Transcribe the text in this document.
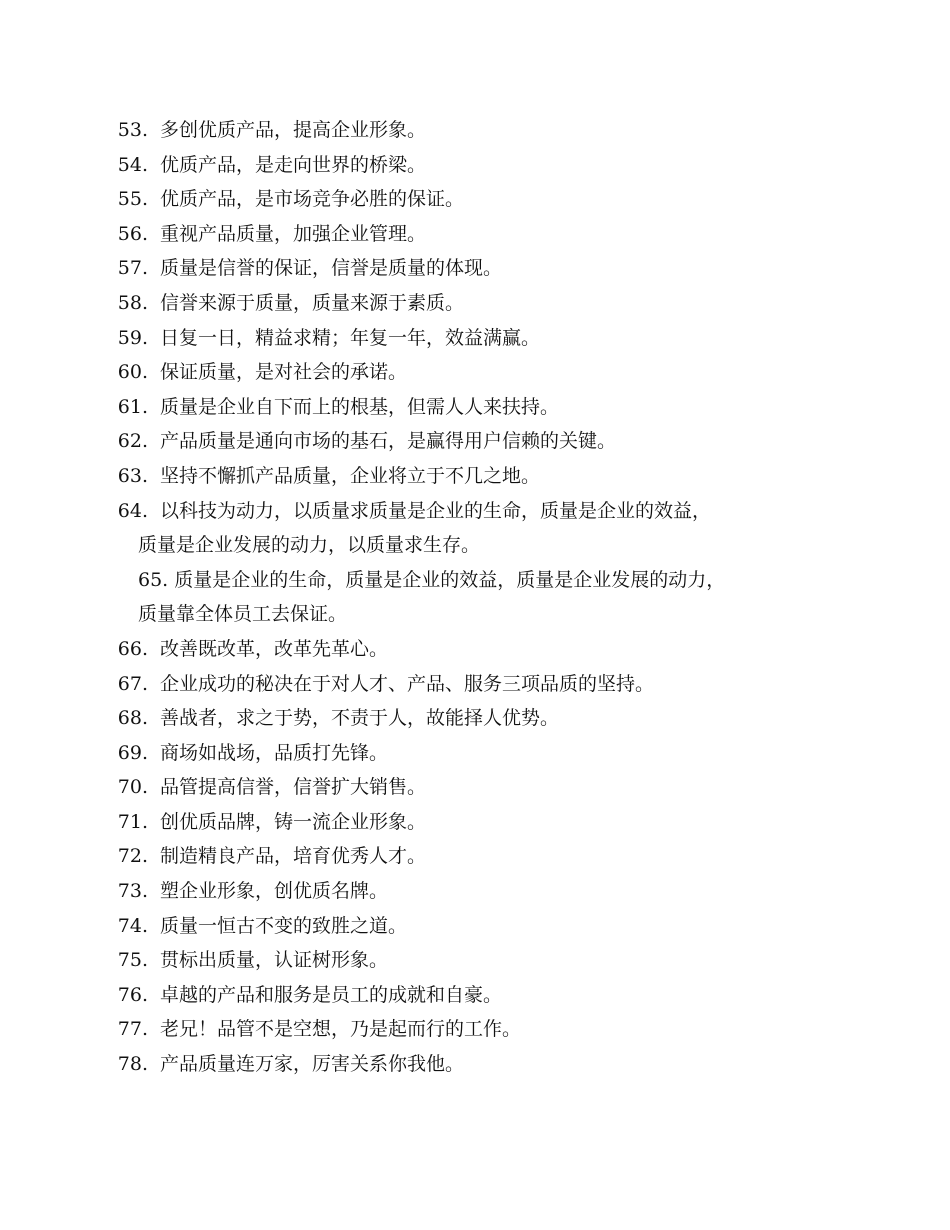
53. 多创优质产品，提高企业形象。
54. 优质产品，是走向世界的桥梁。
55. 优质产品，是市场竞争必胜的保证。
56. 重视产品质量，加强企业管理。
57. 质量是信誉的保证，信誉是质量的体现。
58. 信誉来源于质量，质量来源于素质。
59. 日复一日，精益求精；年复一年，效益满赢。
60. 保证质量，是对社会的承诺。
61. 质量是企业自下而上的根基，但需人人来扶持。
62. 产品质量是通向市场的基石，是赢得用户信赖的关键。
63. 坚持不懈抓产品质量，企业将立于不几之地。
64. 以科技为动力，以质量求质量是企业的生命，质量是企业的效益，
质量是企业发展的动力，以质量求生存。
65. 质量是企业的生命，质量是企业的效益，质量是企业发展的动力，
质量靠全体员工去保证。
66. 改善既改革，改革先革心。
67. 企业成功的秘决在于对人才、产品、服务三项品质的坚持。
68. 善战者，求之于势，不责于人，故能择人优势。
69. 商场如战场，品质打先锋。
70. 品管提高信誉，信誉扩大销售。
71. 创优质品牌，铸一流企业形象。
72. 制造精良产品，培育优秀人才。
73. 塑企业形象，创优质名牌。
74. 质量一恒古不变的致胜之道。
75. 贯标出质量，认证树形象。
76. 卓越的产品和服务是员工的成就和自豪。
77. 老兄！品管不是空想，乃是起而行的工作。
78. 产品质量连万家，厉害关系你我他。
